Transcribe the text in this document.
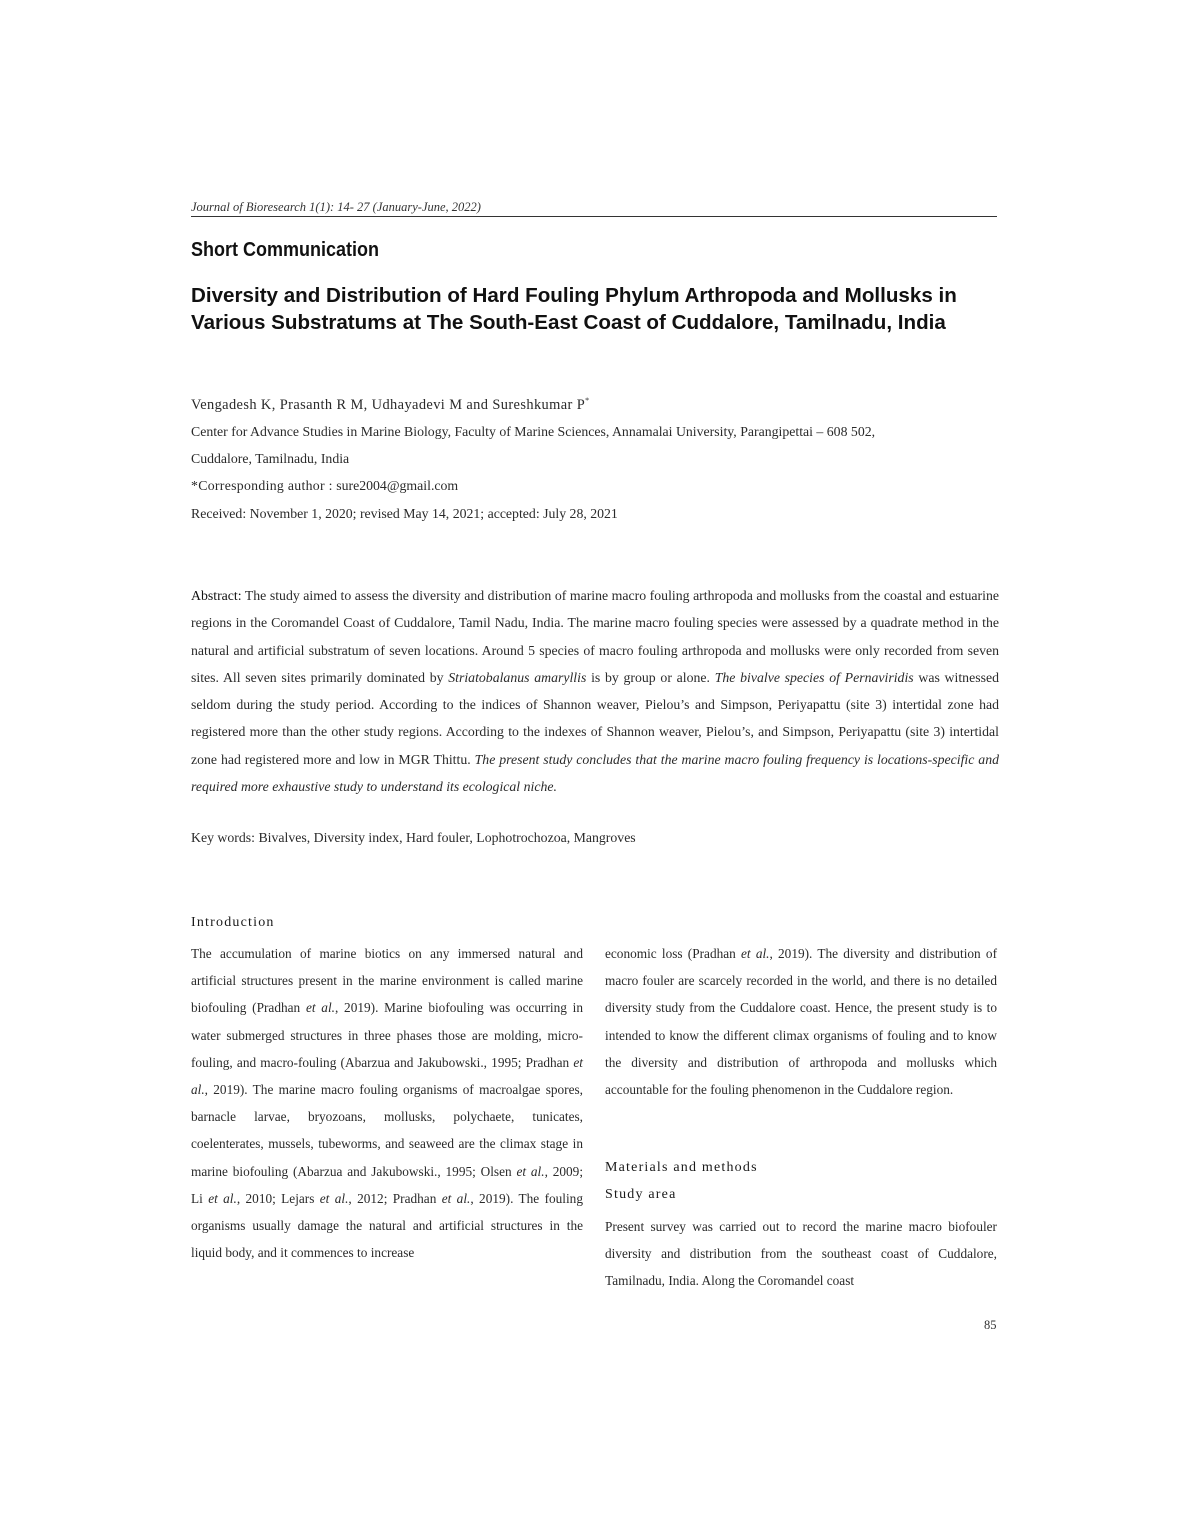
Journal of Bioresearch 1(1): 14- 27 (January-June, 2022)
Short Communication
Diversity and Distribution of Hard Fouling Phylum Arthropoda and Mollusks in Various Substratums at The South-East Coast of Cuddalore, Tamilnadu, India
Vengadesh K, Prasanth R M, Udhayadevi M and Sureshkumar P*
Center for Advance Studies in Marine Biology, Faculty of Marine Sciences, Annamalai University, Parangipettai – 608 502,
Cuddalore, Tamilnadu, India
*Corresponding author : sure2004@gmail.com
Received: November 1, 2020; revised May 14, 2021; accepted: July 28, 2021
Abstract: The study aimed to assess the diversity and distribution of marine macro fouling arthropoda and mollusks from the coastal and estuarine regions in the Coromandel Coast of Cuddalore, Tamil Nadu, India. The marine macro fouling species were assessed by a quadrate method in the natural and artificial substratum of seven locations. Around 5 species of macro fouling arthropoda and mollusks were only recorded from seven sites. All seven sites primarily dominated by Striatobalanus amaryllis is by group or alone. The bivalve species of Pernaviridis was witnessed seldom during the study period. According to the indices of Shannon weaver, Pielou’s and Simpson, Periyapattu (site 3) intertidal zone had registered more than the other study regions. According to the indexes of Shannon weaver, Pielou’s, and Simpson, Periyapattu (site 3) intertidal zone had registered more and low in MGR Thittu. The present study concludes that the marine macro fouling frequency is locations-specific and required more exhaustive study to understand its ecological niche.
Key words: Bivalves, Diversity index, Hard fouler, Lophotrochozoa, Mangroves
Introduction
The accumulation of marine biotics on any immersed natural and artificial structures present in the marine environment is called marine biofouling (Pradhan et al., 2019). Marine biofouling was occurring in water submerged structures in three phases those are molding, micro-fouling, and macro-fouling (Abarzua and Jakubowski., 1995; Pradhan et al., 2019). The marine macro fouling organisms of macroalgae spores, barnacle larvae, bryozoans, mollusks, polychaete, tunicates, coelenterates, mussels, tubeworms, and seaweed are the climax stage in marine biofouling (Abarzua and Jakubowski., 1995; Olsen et al., 2009; Li et al., 2010; Lejars et al., 2012; Pradhan et al., 2019). The fouling organisms usually damage the natural and artificial structures in the liquid body, and it commences to increase
economic loss (Pradhan et al., 2019). The diversity and distribution of macro fouler are scarcely recorded in the world, and there is no detailed diversity study from the Cuddalore coast. Hence, the present study is to intended to know the different climax organisms of fouling and to know the diversity and distribution of arthropoda and mollusks which accountable for the fouling phenomenon in the Cuddalore region.
Materials and methods
Study area
Present survey was carried out to record the marine macro biofouler diversity and distribution from the southeast coast of Cuddalore, Tamilnadu, India. Along the Coromandel coast
85
